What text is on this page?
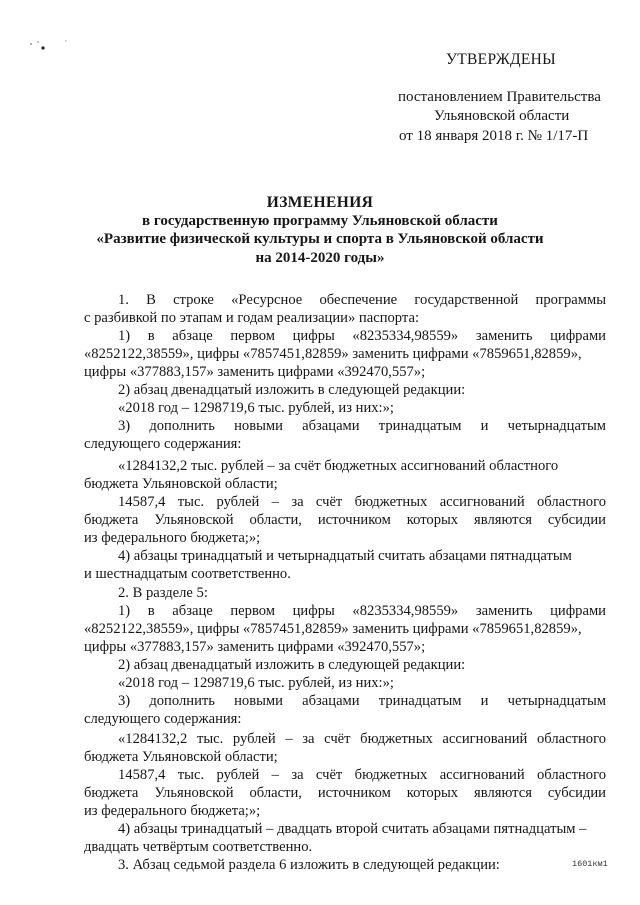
УТВЕРЖДЕНЫ
постановлением Правительства
Ульяновской области
от 18 января 2018 г. № 1/17-П
ИЗМЕНЕНИЯ
в государственную программу Ульяновской области
«Развитие физической культуры и спорта в Ульяновской области
на 2014-2020 годы»
1. В строке «Ресурсное обеспечение государственной программы
с разбивкой по этапам и годам реализации» паспорта:
1) в абзаце первом цифры «8235334,98559» заменить цифрами
«8252122,38559», цифры «7857451,82859» заменить цифрами «7859651,82859»,
цифры «377883,157» заменить цифрами «392470,557»;
2) абзац двенадцатый изложить в следующей редакции:
«2018 год – 1298719,6 тыс. рублей, из них:»;
3) дополнить новыми абзацами тринадцатым и четырнадцатым
следующего содержания:
«1284132,2 тыс. рублей – за счёт бюджетных ассигнований областного
бюджета Ульяновской области;
14587,4 тыс. рублей – за счёт бюджетных ассигнований областного
бюджета Ульяновской области, источником которых являются субсидии
из федерального бюджета;»;
4) абзацы тринадцатый и четырнадцатый считать абзацами пятнадцатым
и шестнадцатым соответственно.
2. В разделе 5:
1) в абзаце первом цифры «8235334,98559» заменить цифрами
«8252122,38559», цифры «7857451,82859» заменить цифрами «7859651,82859»,
цифры «377883,157» заменить цифрами «392470,557»;
2) абзац двенадцатый изложить в следующей редакции:
«2018 год – 1298719,6 тыс. рублей, из них:»;
3) дополнить новыми абзацами тринадцатым и четырнадцатым
следующего содержания:
«1284132,2 тыс. рублей – за счёт бюджетных ассигнований областного
бюджета Ульяновской области;
14587,4 тыс. рублей – за счёт бюджетных ассигнований областного
бюджета Ульяновской области, источником которых являются субсидии
из федерального бюджета;»;
4) абзацы тринадцатый – двадцать второй считать абзацами пятнадцатым –
двадцать четвёртым соответственно.
3. Абзац седьмой раздела 6 изложить в следующей редакции:	1601км1
